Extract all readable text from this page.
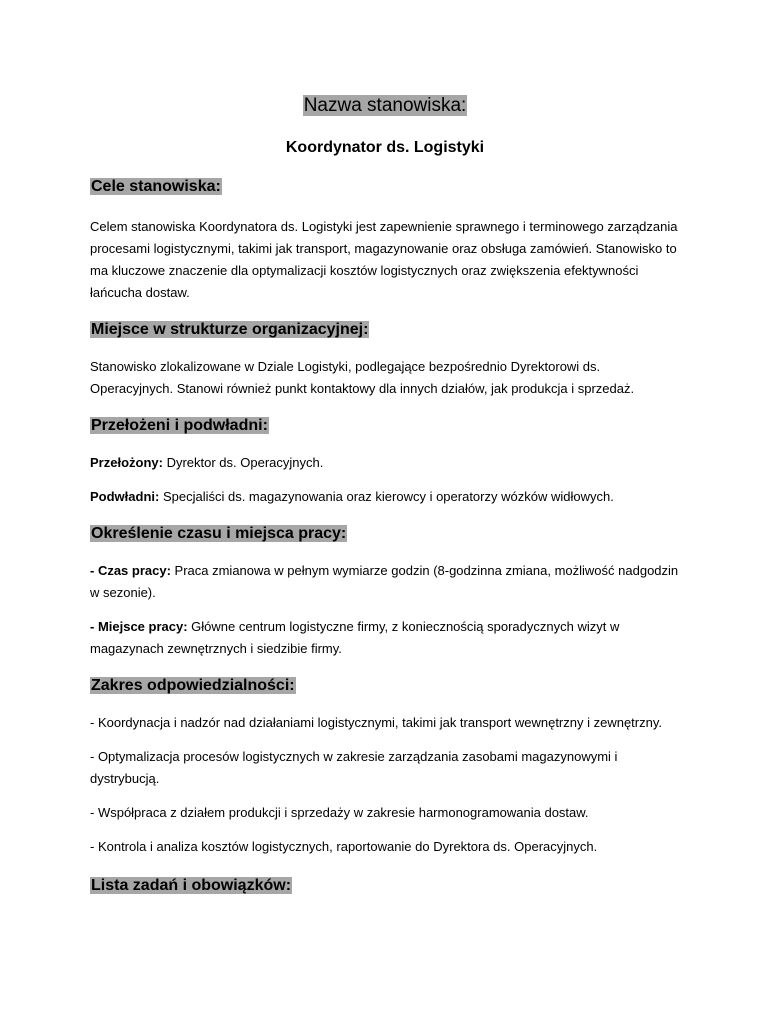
Nazwa stanowiska:
Koordynator ds. Logistyki
Cele stanowiska:

Celem stanowiska Koordynatora ds. Logistyki jest zapewnienie sprawnego i terminowego zarządzania procesami logistycznymi, takimi jak transport, magazynowanie oraz obsługa zamówień. Stanowisko to ma kluczowe znaczenie dla optymalizacji kosztów logistycznych oraz zwiększenia efektywności łańcucha dostaw.

Miejsce w strukturze organizacyjnej:

Stanowisko zlokalizowane w Dziale Logistyki, podlegające bezpośrednio Dyrektorowi ds. Operacyjnych. Stanowi również punkt kontaktowy dla innych działów, jak produkcja i sprzedaż.

Przełożeni i podwładni:

Przełożony: Dyrektor ds. Operacyjnych.

Podwładni: Specjaliści ds. magazynowania oraz kierowcy i operatorzy wózków widłowych.

Określenie czasu i miejsca pracy:

- Czas pracy: Praca zmianowa w pełnym wymiarze godzin (8-godzinna zmiana, możliwość nadgodzin w sezonie).

- Miejsce pracy: Główne centrum logistyczne firmy, z koniecznością sporadycznych wizyt w magazynach zewnętrznych i siedzibie firmy.

Zakres odpowiedzialności:

- Koordynacja i nadzór nad działaniami logistycznymi, takimi jak transport wewnętrzny i zewnętrzny.

- Optymalizacja procesów logistycznych w zakresie zarządzania zasobami magazynowymi i dystrybucją.

- Współpraca z działem produkcji i sprzedaży w zakresie harmonogramowania dostaw.

- Kontrola i analiza kosztów logistycznych, raportowanie do Dyrektora ds. Operacyjnych.

Lista zadań i obowiązków:
